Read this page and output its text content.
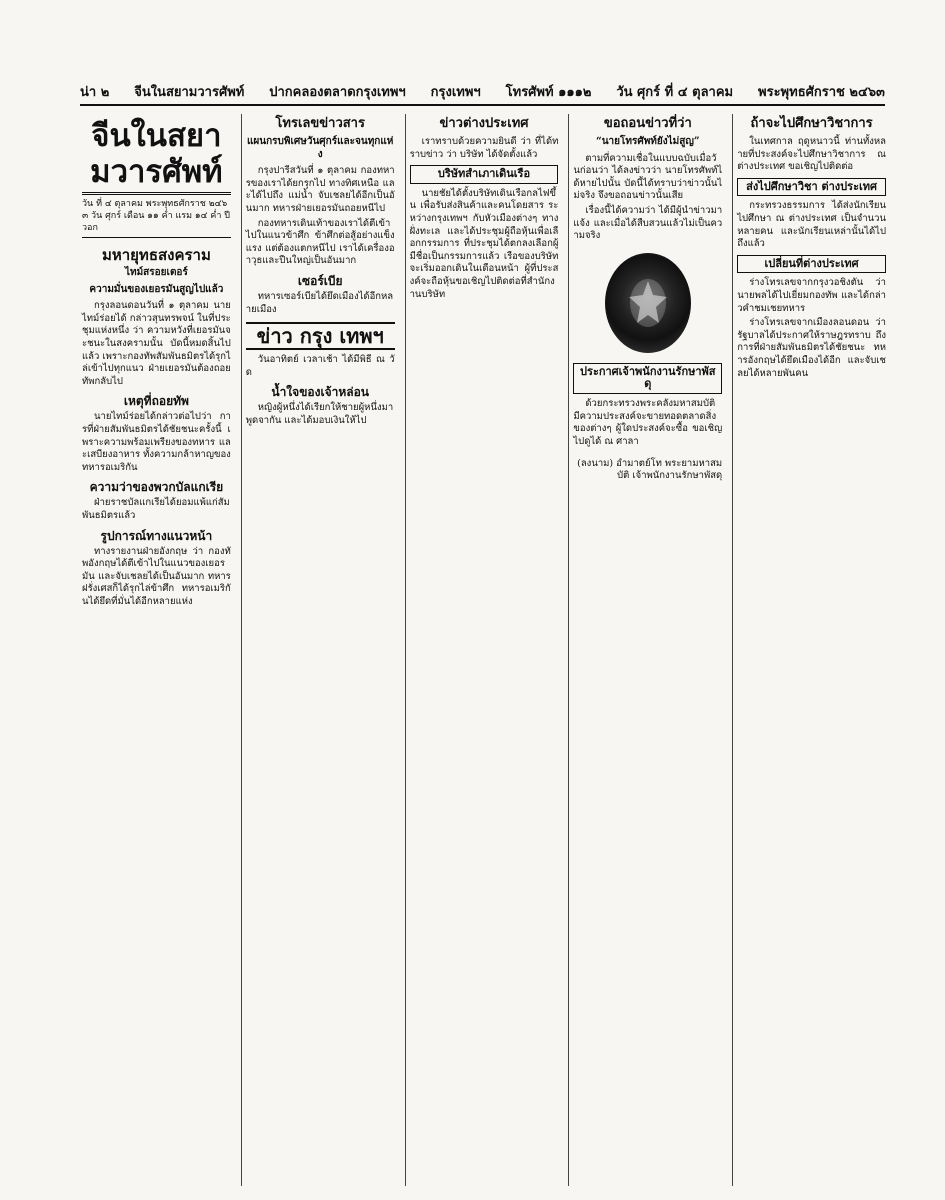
น่า ๒ จีนในสยามวารศัพท์ ปากคลองตลาดกรุงเทพฯ กรุงเทพฯ โทรศัพท์ ๑๑๑๒ วัน ศุกร์ ที่ ๔ ตุลาคม พระพุทธศักราช ๒๔๖๓
จีนในสยามวารศัพท์
วัน ที่ ๔ ตุลาคม พระพุทธศักราช ๒๔๖๓ วัน ศุกร์ เดือน ๑๑ ค่ำ แรม ๑๔ ค่ำ ปีวอก
มหายุทธสงคราม
ไทม์สรอยเตอร์
ความมั่นของเยอรมันสูญไปแล้ว

กรุงลอนดอนวันที่ ๑ ตุลาคม นายไทม์ร่อยได้ กล่าวสุนทรพจน์ ในที่ประชุมแห่งหนึ่ง ว่า ความหวังที่เยอรมันจะชนะในสงครามนั้น บัดนี้หมดสิ้นไปแล้ว เพราะกองทัพสัมพันธมิตรได้รุกไล่เข้าไปทุกแนว ฝ่ายเยอรมันต้องถอยทัพกลับไป

เหตุที่ถอยทัพ

นายไทม์ร่อยได้กล่าวต่อไปว่า การที่ฝ่ายสัมพันธมิตรได้ชัยชนะครั้งนี้ เพราะความพร้อมเพรียงของทหาร และเสบียงอาหาร ทั้งความกล้าหาญของทหารอเมริกัน

ความว่าของพวกบัลแกเรีย

ฝ่ายราชบัลแกเรียได้ยอมแพ้แก่สัมพันธมิตรแล้ว

รูปการณ์ทางแนวหน้า

ทางรายงานฝ่ายอังกฤษ ว่า กองทัพอังกฤษได้ตีเข้าไปในแนวของเยอรมัน และจับเชลยได้เป็นอันมาก ทหารฝรั่งเศสก็ได้รุกไล่ข้าศึก ทหารอเมริกันได้ยึดที่มั่นได้อีกหลายแห่ง

โทรเลขข่าวสาร
แผนกรบพิเศษวันศุกร์และจนทุกแห่ง

กรุงปารีสวันที่ ๑ ตุลาคม กองทหารของเราได้ยกรุกไป ทางทิศเหนือ และได้ไปถึง แม่น้ำ จับเชลยได้อีกเป็นอันมาก ทหารฝ่ายเยอรมันถอยหนีไป

กองทหารเดินเท้าของเราได้ตีเข้าไปในแนวข้าศึก ข้าศึกต่อสู้อย่างแข็งแรง แต่ต้องแตกหนีไป เราได้เครื่องอาวุธและปืนใหญ่เป็นอันมาก

เซอร์เบีย

ทหารเซอร์เบียได้ยึดเมืองได้อีกหลายเมือง

ข่าว กรุง เทพฯ

วันอาทิตย์ เวลาเช้า ได้มีพิธี ณ วัด

น้ำใจของเจ้าหล่อน

หญิงผู้หนึ่งได้เรียกให้ชายผู้หนึ่งมาพูดจากัน และได้มอบเงินให้ไป

ข่าวต่างประเทศ

เราทราบด้วยความยินดี ว่า ที่ได้ทราบข่าว ว่า บริษัท ได้จัดตั้งแล้ว

บริษัทสำเภาเดินเรือ

นายชัยได้ตั้งบริษัทเดินเรือกลไฟขึ้น เพื่อรับส่งสินค้าและคนโดยสาร ระหว่างกรุงเทพฯ กับหัวเมืองต่างๆ ทางฝั่งทะเล และได้ประชุมผู้ถือหุ้นเพื่อเลือกกรรมการ ที่ประชุมได้ตกลงเลือกผู้มีชื่อเป็นกรรมการแล้ว เรือของบริษัทจะเริ่มออกเดินในเดือนหน้า ผู้ที่ประสงค์จะถือหุ้นขอเชิญไปติดต่อที่สำนักงานบริษัท

ขอถอนข่าวที่ว่า
“นายโทรศัพท์ยังไม่สูญ”

ตามที่ความเชื่อในแบบฉบับเมื่อวันก่อนว่า ได้ลงข่าวว่า นายโทรศัพท์ได้หายไปนั้น บัดนี้ได้ทราบว่าข่าวนั้นไม่จริง จึงขอถอนข่าวนั้นเสีย

เรื่องนี้ได้ความว่า ได้มีผู้นำข่าวมาแจ้ง และเมื่อได้สืบสวนแล้วไม่เป็นความจริง

ประกาศเจ้าพนักงานรักษาพัสดุ

ด้วยกระทรวงพระคลังมหาสมบัติ มีความประสงค์จะขายทอดตลาดสิ่งของต่างๆ ผู้ใดประสงค์จะซื้อ ขอเชิญไปดูได้ ณ ศาลา

(ลงนาม) อำมาตย์โท พระยามหาสมบัติ เจ้าพนักงานรักษาพัสดุ

ถ้าจะไปศึกษาวิชาการ

ในเทศกาล ฤดูหนาวนี้ ท่านทั้งหลายที่ประสงค์จะไปศึกษาวิชาการ ณ ต่างประเทศ ขอเชิญไปติดต่อ

ส่งไปศึกษาวิชา ต่างประเทศ

กระทรวงธรรมการ ได้ส่งนักเรียนไปศึกษา ณ ต่างประเทศ เป็นจำนวนหลายคน และนักเรียนเหล่านั้นได้ไปถึงแล้ว

เปลี่ยนที่ต่างประเทศ

ร่างโทรเลขจากกรุงวอชิงตัน ว่า นายพลได้ไปเยี่ยมกองทัพ และได้กล่าวคำชมเชยทหาร

ร่างโทรเลขจากเมืองลอนดอน ว่า รัฐบาลได้ประกาศให้ราษฎรทราบ ถึงการที่ฝ่ายสัมพันธมิตรได้ชัยชนะ ทหารอังกฤษได้ยึดเมืองได้อีก และจับเชลยได้หลายพันคน
